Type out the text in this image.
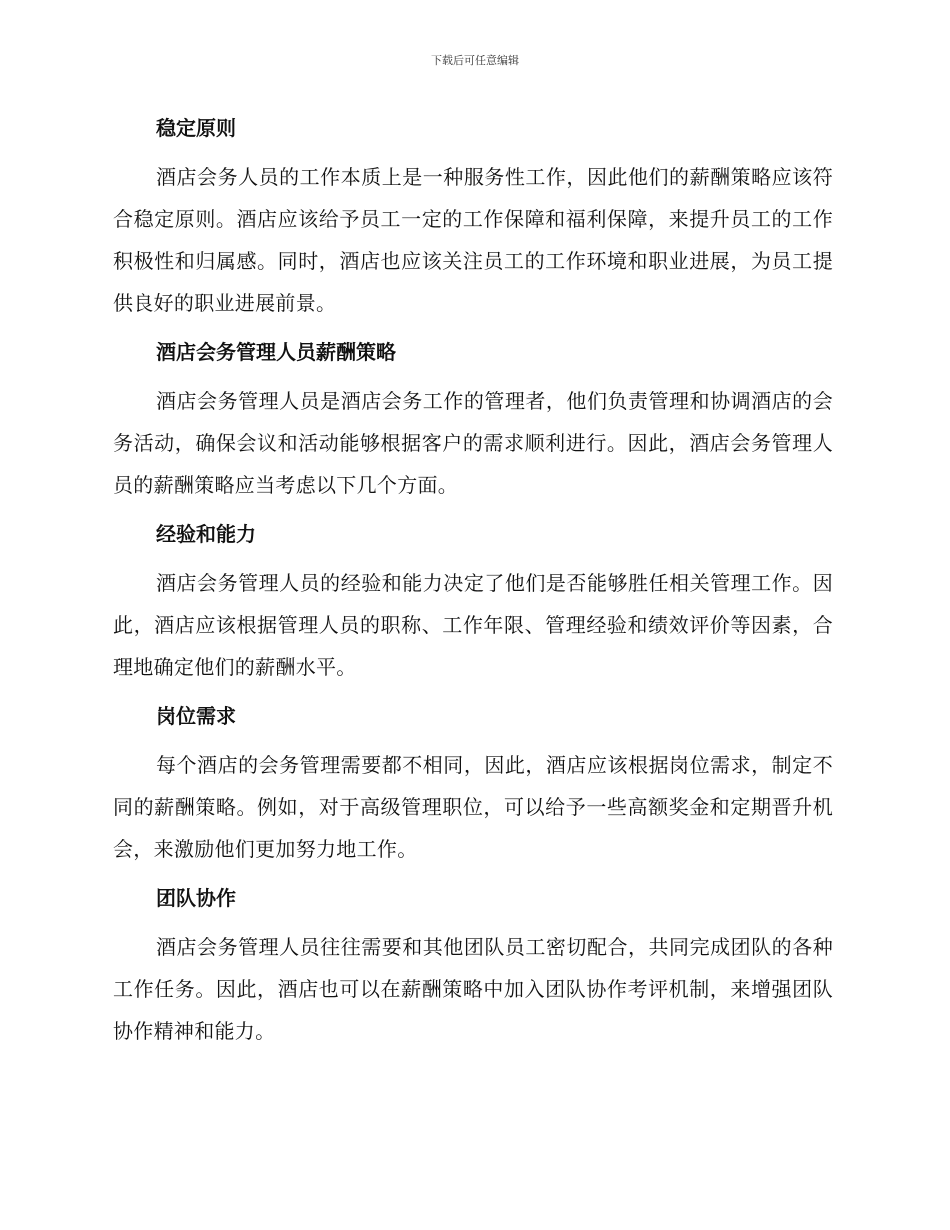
下载后可任意编辑
稳定原则

酒店会务人员的工作本质上是一种服务性工作，因此他们的薪酬策略应该符合稳定原则。酒店应该给予员工一定的工作保障和福利保障，来提升员工的工作积极性和归属感。同时，酒店也应该关注员工的工作环境和职业进展，为员工提供良好的职业进展前景。

酒店会务管理人员薪酬策略

酒店会务管理人员是酒店会务工作的管理者，他们负责管理和协调酒店的会务活动，确保会议和活动能够根据客户的需求顺利进行。因此，酒店会务管理人员的薪酬策略应当考虑以下几个方面。

经验和能力

酒店会务管理人员的经验和能力决定了他们是否能够胜任相关管理工作。因此，酒店应该根据管理人员的职称、工作年限、管理经验和绩效评价等因素，合理地确定他们的薪酬水平。

岗位需求

每个酒店的会务管理需要都不相同，因此，酒店应该根据岗位需求，制定不同的薪酬策略。例如，对于高级管理职位，可以给予一些高额奖金和定期晋升机会，来激励他们更加努力地工作。

团队协作

酒店会务管理人员往往需要和其他团队员工密切配合，共同完成团队的各种工作任务。因此，酒店也可以在薪酬策略中加入团队协作考评机制，来增强团队协作精神和能力。
